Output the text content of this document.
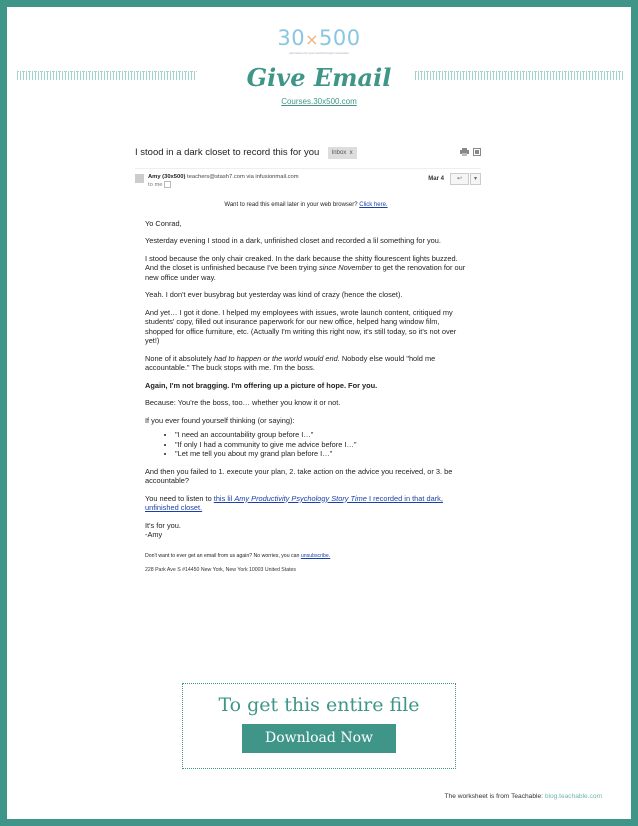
30×500
permission for your world through connection
Give Email
Courses.30x500.com
I stood in a dark closet to record this for you Inbox x
Amy (30x500) teachers@stash7.com via infusionmail.com
to me
Mar 4	↩	▾
Want to read this email later in your web browser? Click here.

Yo Conrad,

Yesterday evening I stood in a dark, unfinished closet and recorded a lil something for you.

I stood because the only chair creaked. In the dark because the shitty flourescent lights buzzed. And the closet is unfinished because I've been trying since November to get the renovation for our new office under way.

Yeah. I don't ever busybrag but yesterday was kind of crazy (hence the closet).

And yet… I got it done. I helped my employees with issues, wrote launch content, critiqued my students' copy, filled out insurance paperwork for our new office, helped hang window film, shopped for office furniture, etc. (Actually I'm writing this right now, it's still today, so it's not over yet!)

None of it absolutely had to happen or the world would end. Nobody else would "hold me accountable." The buck stops with me. I'm the boss.

Again, I'm not bragging. I'm offering up a picture of hope. For you.

Because: You're the boss, too… whether you know it or not.

If you ever found yourself thinking (or saying):

• "I need an accountability group before I…"
• "If only I had a community to give me advice before I…"
• "Let me tell you about my grand plan before I…"

And then you failed to 1. execute your plan, 2. take action on the advice you received, or 3. be accountable?

You need to listen to this lil Amy Productivity Psychology Story Time I recorded in that dark, unfinished closet.

It's for you.
-Amy

Don't want to ever get an email from us again? No worries, you can unsubscribe.
228 Park Ave S #14450 New York, New York 10003 United States
To get this entire file
Download Now
The worksheet is from Teachable: blog.teachable.com
